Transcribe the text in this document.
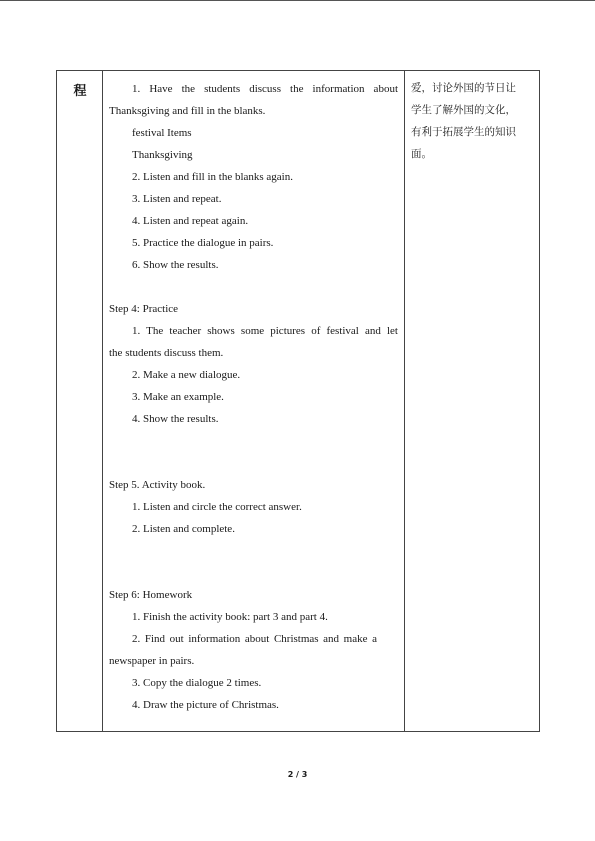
程	1. Have the students discuss the information about
Thanksgiving and fill in the blanks.
festival Items
Thanksgiving
2. Listen and fill in the blanks again.
3. Listen and repeat.
4. Listen and repeat again.
5. Practice the dialogue in pairs.
6. Show the results.
Step 4: Practice
1. The teacher shows some pictures of festival and let
the students discuss them.
2. Make a new dialogue.
3. Make an example.
4. Show the results.
Step 5. Activity book.
1. Listen and circle the correct answer.
2. Listen and complete.
Step 6: Homework
1. Finish the activity book: part 3 and part 4.
2. Find out information about Christmas and make a
newspaper in pairs.
3. Copy the dialogue 2 times.
4. Draw the picture of Christmas.
爱，讨论外国的节日让
学生了解外国的文化，
有利于拓展学生的知识
面。
2 / 3
